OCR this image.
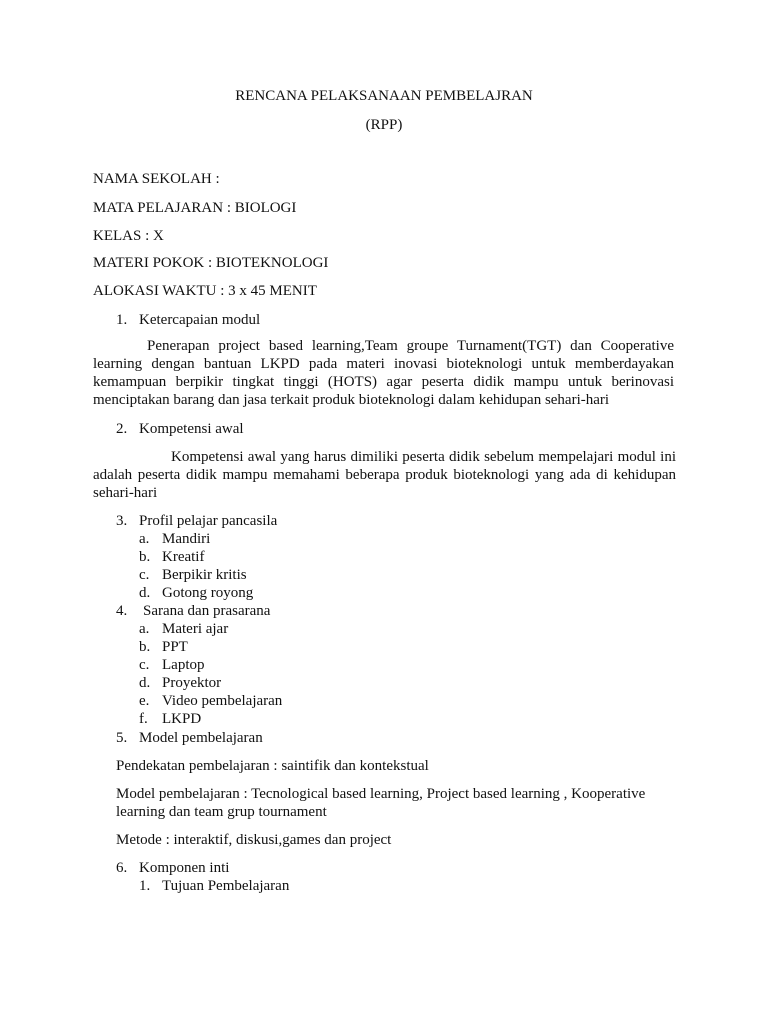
RENCANA PELAKSANAAN PEMBELAJRAN
(RPP)
NAMA SEKOLAH :
MATA PELAJARAN : BIOLOGI
KELAS : X
MATERI POKOK : BIOTEKNOLOGI
ALOKASI WAKTU : 3 x 45 MENIT
1. Ketercapaian modul
Penerapan project based learning,Team groupe Turnament(TGT) dan Cooperative learning dengan bantuan LKPD pada materi inovasi bioteknologi untuk memberdayakan kemampuan berpikir tingkat tinggi (HOTS) agar peserta didik mampu untuk berinovasi menciptakan barang dan jasa terkait produk bioteknologi dalam kehidupan sehari-hari
2. Kompetensi awal
Kompetensi awal yang harus dimiliki peserta didik sebelum mempelajari modul ini adalah peserta didik mampu memahami beberapa produk bioteknologi yang ada di kehidupan sehari-hari
3. Profil pelajar pancasila
a. Mandiri
b. Kreatif
c. Berpikir kritis
d. Gotong royong
4. Sarana dan prasarana
a. Materi ajar
b. PPT
c. Laptop
d. Proyektor
e. Video pembelajaran
f. LKPD
5. Model pembelajaran
Pendekatan pembelajaran : saintifik dan kontekstual
Model pembelajaran : Tecnological based learning, Project based learning , Kooperative
learning dan team grup tournament
Metode : interaktif, diskusi,games dan project
6. Komponen inti
1. Tujuan Pembelajaran
